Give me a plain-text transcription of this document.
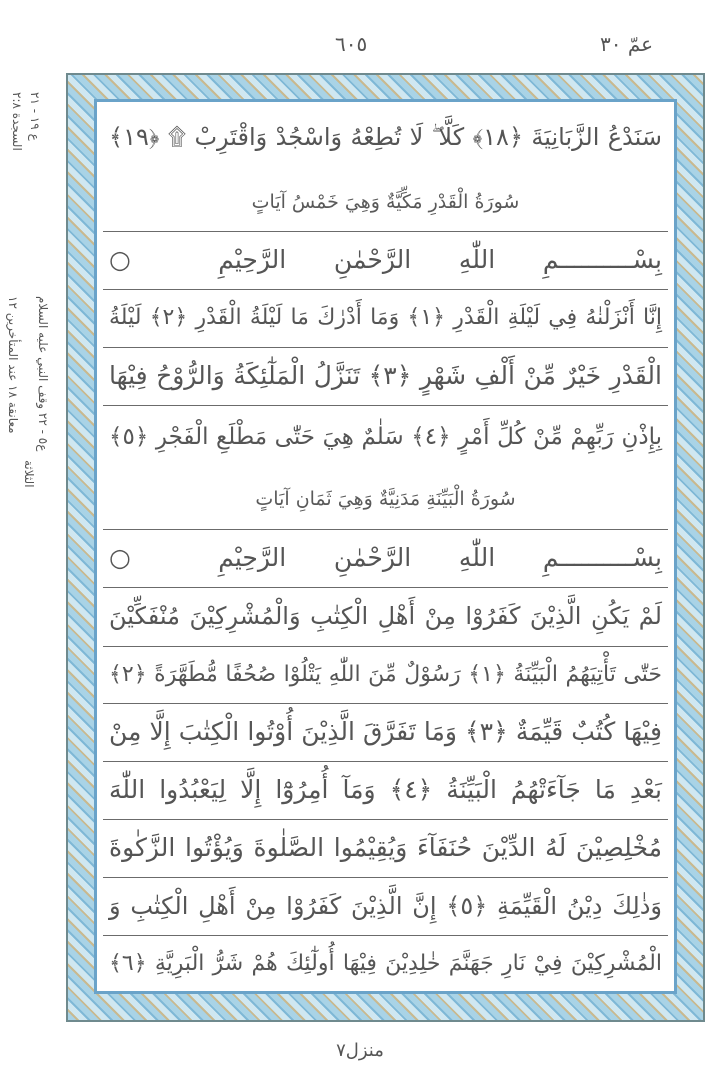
٦٠٥	عمّ ٣٠
ع ١٩ - ٢١
السجدة ٢:٨
ع٥ - ٢٢ وقف النبي عليه السلام
الثلاثة
معانقة ١٨ عند المتأخرين ١٢
سَنَدْعُ الزَّبَانِيَةَ ﴿١٨﴾ كَلَّا ۖ لَا تُطِعْهُ وَاسْجُدْ وَاقْتَرِبْ ۩ ﴿١٩﴾
سُورَةُ الْقَدْرِ مَكِّيَّةٌ وَهِيَ خَمْسُ آيَاتٍ
بِسْــــــــــمِ اللّٰهِ الرَّحْمٰنِ الرَّحِيْمِ ○
إِنَّا أَنْزَلْنٰهُ فِي لَيْلَةِ الْقَدْرِ ﴿١﴾ وَمَا أَدْرٰكَ مَا لَيْلَةُ الْقَدْرِ ﴿٢﴾ لَيْلَةُ
الْقَدْرِ خَيْرٌ مِّنْ أَلْفِ شَهْرٍ ﴿٣﴾ تَنَزَّلُ الْمَلٰٓئِكَةُ وَالرُّوْحُ فِيْهَا
بِإِذْنِ رَبِّهِمْ مِّنْ كُلِّ أَمْرٍ ﴿٤﴾ سَلٰمٌ هِيَ حَتّٰى مَطْلَعِ الْفَجْرِ ﴿٥﴾
سُورَةُ الْبَيِّنَةِ مَدَنِيَّةٌ وَهِيَ ثَمَانِ آيَاتٍ
بِسْــــــــــمِ اللّٰهِ الرَّحْمٰنِ الرَّحِيْمِ ○
لَمْ يَكُنِ الَّذِيْنَ كَفَرُوْا مِنْ أَهْلِ الْكِتٰبِ وَالْمُشْرِكِيْنَ مُنْفَكِّيْنَ
حَتّٰى تَأْتِيَهُمُ الْبَيِّنَةُ ﴿١﴾ رَسُوْلٌ مِّنَ اللّٰهِ يَتْلُوْا صُحُفًا مُّطَهَّرَةً ﴿٢﴾
فِيْهَا كُتُبٌ قَيِّمَةٌ ﴿٣﴾ وَمَا تَفَرَّقَ الَّذِيْنَ أُوْتُوا الْكِتٰبَ إِلَّا مِنْ
بَعْدِ مَا جَآءَتْهُمُ الْبَيِّنَةُ ﴿٤﴾ وَمَآ أُمِرُوْٓا إِلَّا لِيَعْبُدُوا اللّٰهَ
مُخْلِصِيْنَ لَهُ الدِّيْنَ حُنَفَآءَ وَيُقِيْمُوا الصَّلٰوةَ وَيُؤْتُوا الزَّكٰوةَ
وَذٰلِكَ دِيْنُ الْقَيِّمَةِ ﴿٥﴾ إِنَّ الَّذِيْنَ كَفَرُوْا مِنْ أَهْلِ الْكِتٰبِ وَ
الْمُشْرِكِيْنَ فِيْ نَارِ جَهَنَّمَ خٰلِدِيْنَ فِيْهَا أُولٰٓئِكَ هُمْ شَرُّ الْبَرِيَّةِ ﴿٦﴾
منزل٧
